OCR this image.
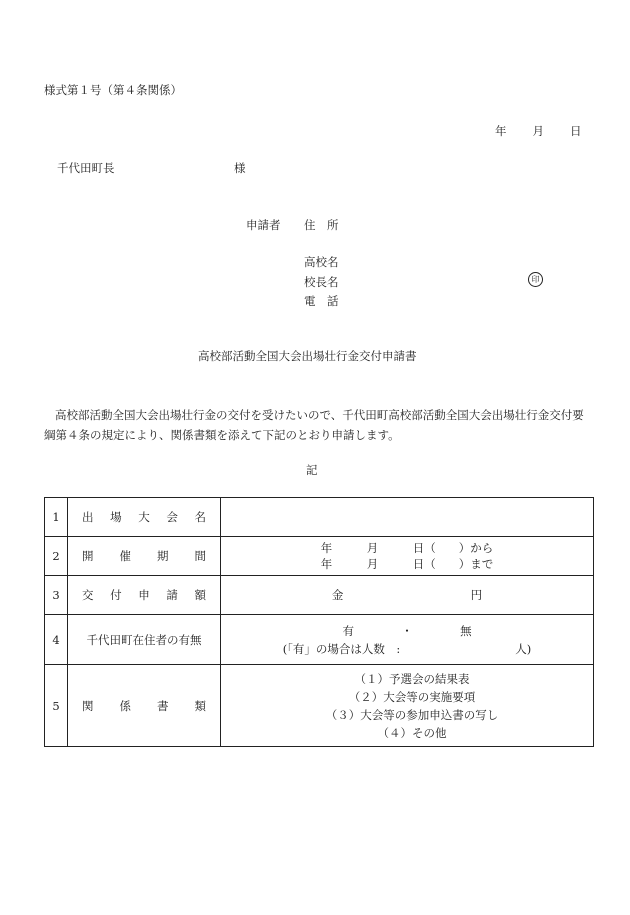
様式第１号（第４条関係）
年 月 日
千代田町長	様
申請者 住　所
高校名
校長名	印
電　話
高校部活動全国大会出場壮行金交付申請書
高校部活動全国大会出場壮行金の交付を受けたいので、千代田町高校部活動全国大会出場壮行金交付要綱第４条の規定により、関係書類を添えて下記のとおり申請します。
記
1	出 場 大 会 名	

2	開 催 期 間	年　　　月　　　日（　　）から
年　　　月　　　日（　　）まで

3	交 付 申 請 額	金 円
4	千代田町在住者の有無	有 ・ 無
(「有」の場合は人数　:　　　　　　　　　　人)

5	関 係 書 類	（１）予選会の結果表
（２）大会等の実施要項
（３）大会等の参加申込書の写し
（４）その他
